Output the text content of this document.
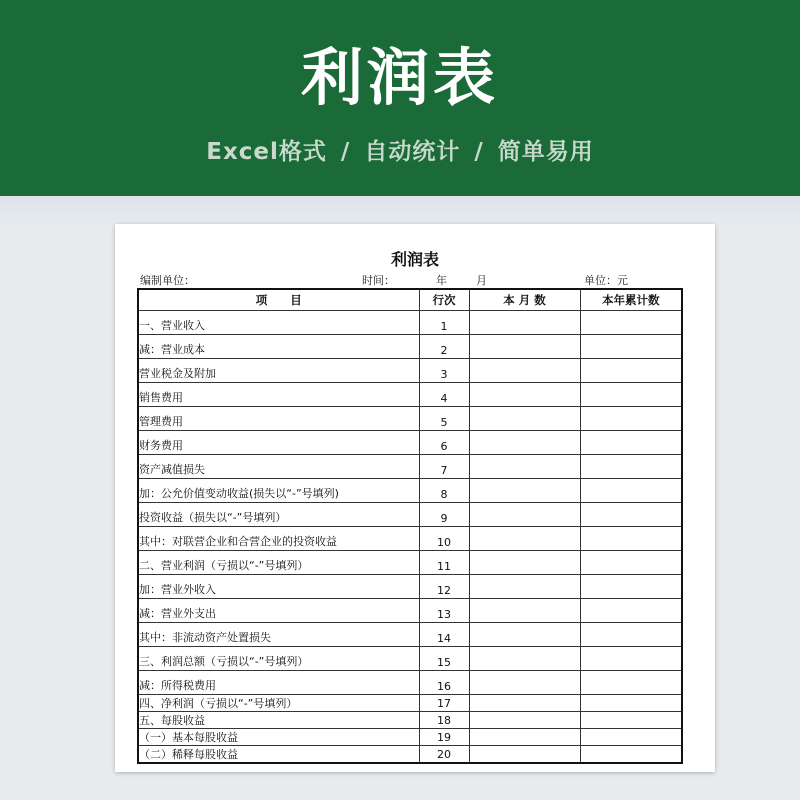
利润表
Excel格式 / 自动统计 / 简单易用
利润表
编制单位：	时间：	年	月	单位：元
项　　目	行次	本 月 数	本年累计数
一、营业收入	1		
减：营业成本	2		
营业税金及附加	3		
销售费用	4		
管理费用	5		
财务费用	6		
资产减值损失	7		
加：公允价值变动收益(损失以“-”号填列)	8		
投资收益（损失以“-”号填列）	9		
其中：对联营企业和合营企业的投资收益	10		
二、营业利润（亏损以“-”号填列）	11		
加：营业外收入	12		
减：营业外支出	13		
其中：非流动资产处置损失	14		
三、利润总额（亏损以“-”号填列）	15		
减：所得税费用	16		
四、净利润（亏损以“-”号填列）	17		
五、每股收益	18		
（一）基本每股收益	19		
（二）稀释每股收益	20		
